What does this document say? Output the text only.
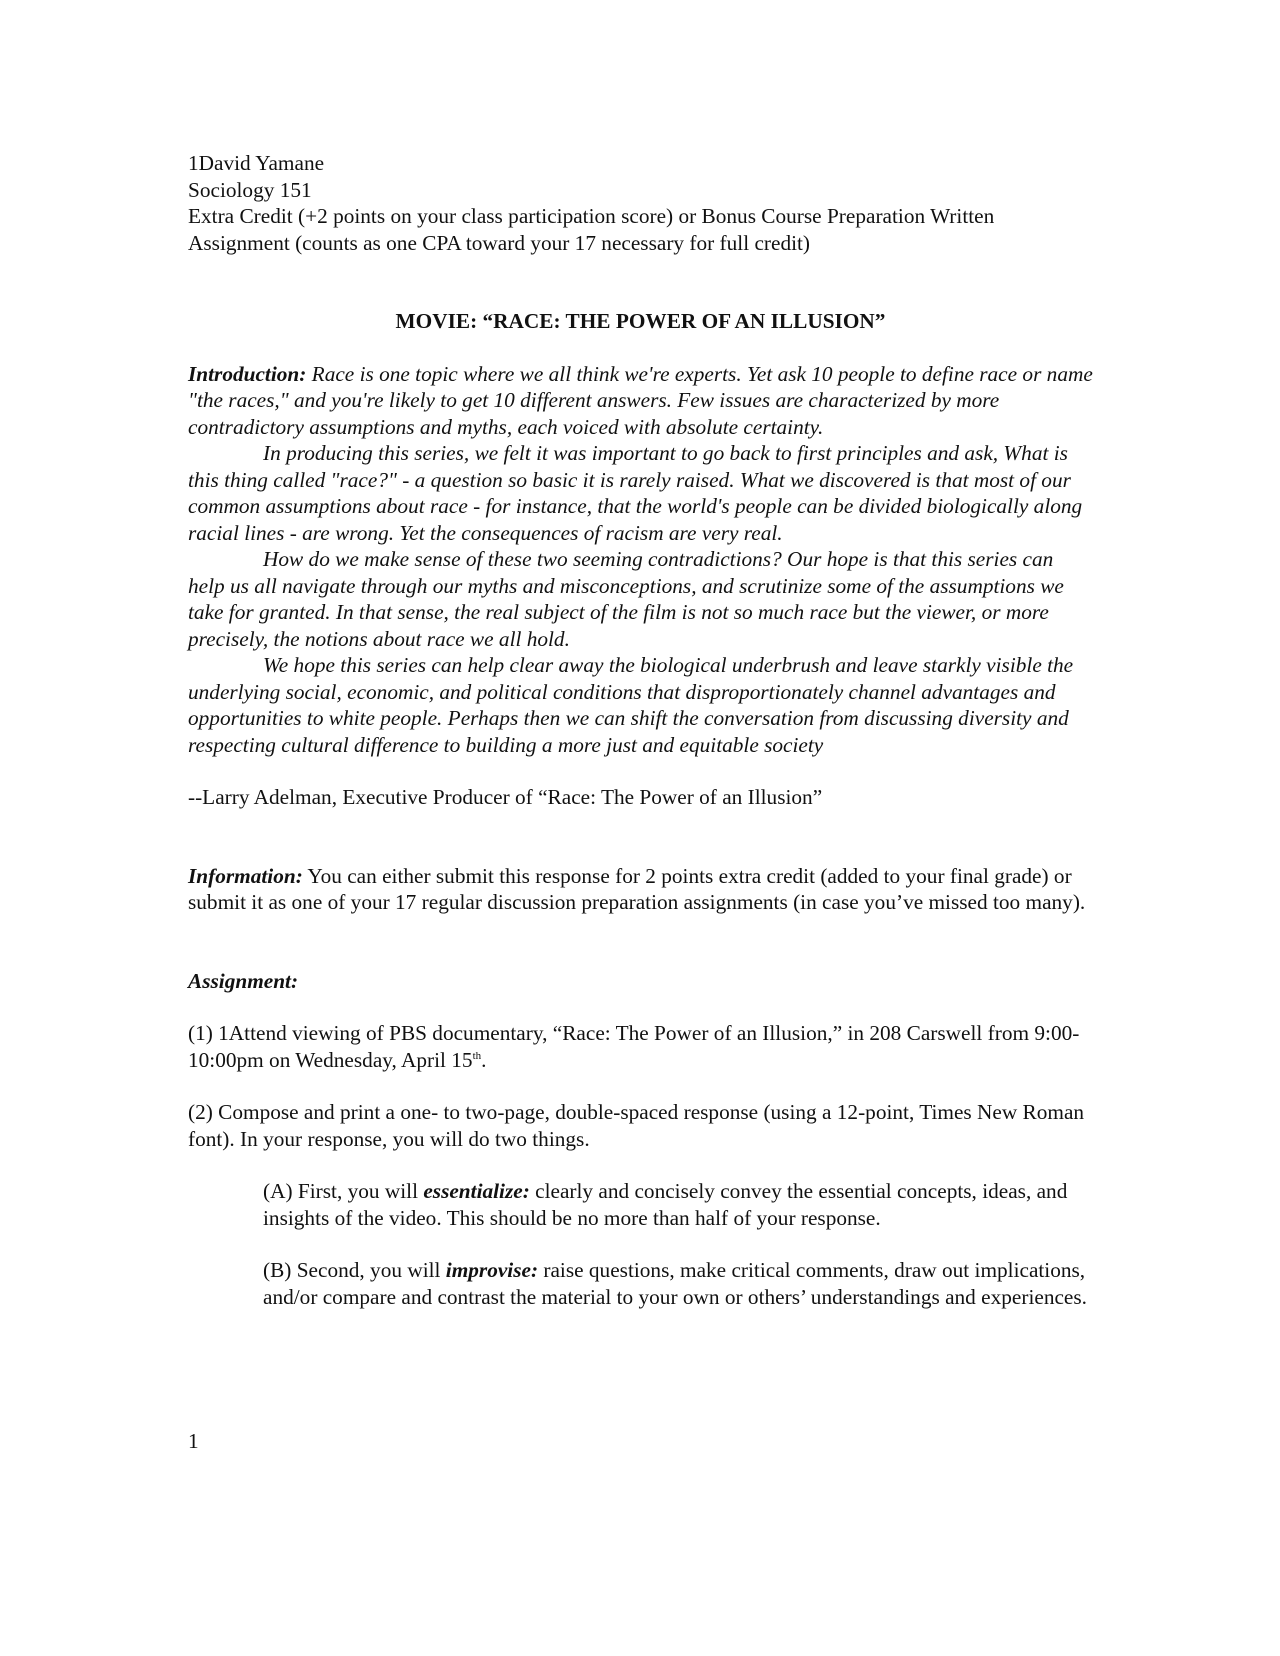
1David Yamane
Sociology 151
Extra Credit (+2 points on your class participation score) or Bonus Course Preparation Written Assignment (counts as one CPA toward your 17 necessary for full credit)

MOVIE: “RACE: THE POWER OF AN ILLUSION”

Introduction: Race is one topic where we all think we're experts. Yet ask 10 people to define race or name "the races," and you're likely to get 10 different answers. Few issues are characterized by more contradictory assumptions and myths, each voiced with absolute certainty.

In producing this series, we felt it was important to go back to first principles and ask, What is this thing called "race?" - a question so basic it is rarely raised. What we discovered is that most of our common assumptions about race - for instance, that the world's people can be divided biologically along racial lines - are wrong. Yet the consequences of racism are very real.

How do we make sense of these two seeming contradictions? Our hope is that this series can help us all navigate through our myths and misconceptions, and scrutinize some of the assumptions we take for granted. In that sense, the real subject of the film is not so much race but the viewer, or more precisely, the notions about race we all hold.

We hope this series can help clear away the biological underbrush and leave starkly visible the underlying social, economic, and political conditions that disproportionately channel advantages and opportunities to white people. Perhaps then we can shift the conversation from discussing diversity and respecting cultural difference to building a more just and equitable society

--Larry Adelman, Executive Producer of “Race: The Power of an Illusion”

Information: You can either submit this response for 2 points extra credit (added to your final grade) or submit it as one of your 17 regular discussion preparation assignments (in case you’ve missed too many).

Assignment:

(1) 1Attend viewing of PBS documentary, “Race: The Power of an Illusion,” in 208 Carswell from 9:00-10:00pm on Wednesday, April 15th.

(2) Compose and print a one- to two-page, double-spaced response (using a 12-point, Times New Roman font). In your response, you will do two things.

(A) First, you will essentialize: clearly and concisely convey the essential concepts, ideas, and insights of the video. This should be no more than half of your response.

(B) Second, you will improvise: raise questions, make critical comments, draw out implications, and/or compare and contrast the material to your own or others’ understandings and experiences.

1
